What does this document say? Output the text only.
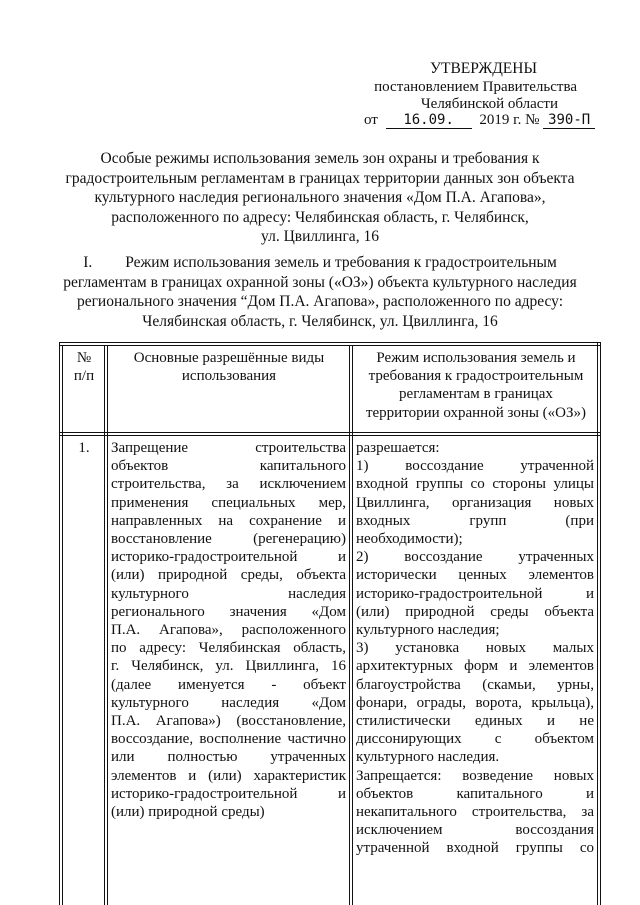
УТВЕРЖДЕНЫ
постановлением Правительства
Челябинской области
от 16.09. 2019 г. № 390-П
Особые режимы использования земель зон охраны и требования к
градостроительным регламентам в границах территории данных зон объекта
культурного наследия регионального значения «Дом П.А. Агапова»,
расположенного по адресу: Челябинская область, г. Челябинск,
ул. Цвиллинга, 16
I. Режим использования земель и требования к градостроительным
регламентам в границах охранной зоны («ОЗ») объекта культурного наследия
регионального значения “Дом П.А. Агапова», расположенного по адресу:
Челябинская область, г. Челябинск, ул. Цвиллинга, 16
№
п/п
Основные разрешённые виды
использования
Режим использования земель и
требования к градостроительным
регламентам в границах
территории охранной зоны («ОЗ»)
1.	Запрещение строительства
объектов капитального
строительства, за исключением
применения специальных мер,
направленных на сохранение и
восстановление (регенерацию)
историко-градостроительной и
(или) природной среды, объекта
культурного наследия
регионального значения «Дом
П.А. Агапова», расположенного
по адресу: Челябинская область,
г. Челябинск, ул. Цвиллинга, 16
(далее именуется - объект
культурного наследия «Дом
П.А. Агапова») (восстановление,
воссоздание, восполнение частично
или полностью утраченных
элементов и (или) характеристик
историко-градостроительной и
(или) природной среды)
разрешается:
1) воссоздание утраченной
входной группы со стороны улицы
Цвиллинга, организация новых
входных групп (при
необходимости);
2) воссоздание утраченных
исторически ценных элементов
историко-градостроительной и
(или) природной среды объекта
культурного наследия;
3) установка новых малых
архитектурных форм и элементов
благоустройства (скамьи, урны,
фонари, ограды, ворота, крыльца),
стилистически единых и не
диссонирующих с объектом
культурного наследия.
Запрещается: возведение новых
объектов капитального и
некапитального строительства, за
исключением воссоздания
утраченной входной группы со
